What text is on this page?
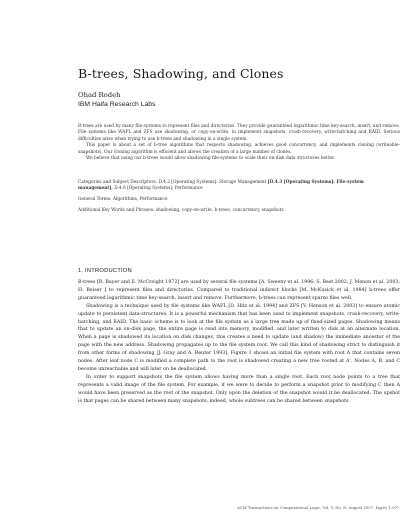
B-trees, Shadowing, and Clones
Ohad Rodeh
IBM Haifa Research Labs

B-trees are used by many file-systems to represent files and directories. They provide guaranteed logarithmic time key-search, insert, and remove. File systems like WAFL and ZFS use shadowing, or copy-on-write, to implement snapshots, crash-recovery, write-batching and RAID. Serious difficulties arise when trying to use b-trees and shadowing in a single system.

This paper is about a set of b-tree algorithms that respects shadowing, achieves good concurrency, and implements cloning (writeable-snapshots). Our cloning algorithm is efficient and allows the creation of a large number of clones.

We believe that using our b-trees would allow shadowing file-systems to scale their on-disk data structures better.

Categories and Subject Descriptors: D.4.2 [Operating Systems]: Storage Management [D.4.3 [Operating Systems]: File-system management]; D.4.8 [Operating Systems]: Performance
General Terms: Algorithms, Performance
Additional Key Words and Phrases: shadowing, copy-on-write, b-trees, concurrency, snapshots
1. INTRODUCTION

B-trees [R. Bayer and E. McCreight 1972] are used by several file systems [A. Sweeny et al. 1996; S. Best 2002; J. Menon et al. 2003; H. Reiser ] to represent files and directories. Compared to traditional indirect blocks [M. McKusick et al. 1984] b-trees offer guaranteed logarithmic time key-search, insert and remove. Furthermore, b-trees can represent sparse files well.

Shadowing is a technique used by file systems like WAFL [D. Hitz et al. 1994] and ZFS [V. Henson et al. 2003] to ensure atomic update to persistent data-structures. It is a powerful mechanism that has been used to implement snapshots, crash-recovery, write-batching, and RAID. The basic scheme is to look at the file system as a large tree made up of fixed-sized pages. Shadowing means that to update an on-disk page, the entire page is read into memory, modified, and later written to disk at an alternate location. When a page is shadowed its location on disk changes, this creates a need to update (and shadow) the immediate ancestor of the page with the new address. Shadowing propagates up to the file system root. We call this kind of shadowing strict to distinguish it from other forms of shadowing [J. Gray and A. Reuter 1993]. Figure 1 shows an initial file system with root A that contains seven nodes. After leaf node C is modified a complete path to the root is shadowed creating a new tree rooted at A'. Nodes A, B, and C become unreachable and will later on be deallocated.

In order to support snapshots the file system allows having more than a single root. Each root node points to a tree that represents a valid image of the file system. For example, if we were to decide to perform a snapshot prior to modifying C then A would have been preserved as the root of the snapshot. Only upon the deletion of the snapshot would it be deallocated. The upshot is that pages can be shared between many snapshots; indeed, whole subtrees can be shared between snapshots.

ACM Transactions on Computational Logic, Vol. V, No. N, August 2007, Pages 1–0??.
